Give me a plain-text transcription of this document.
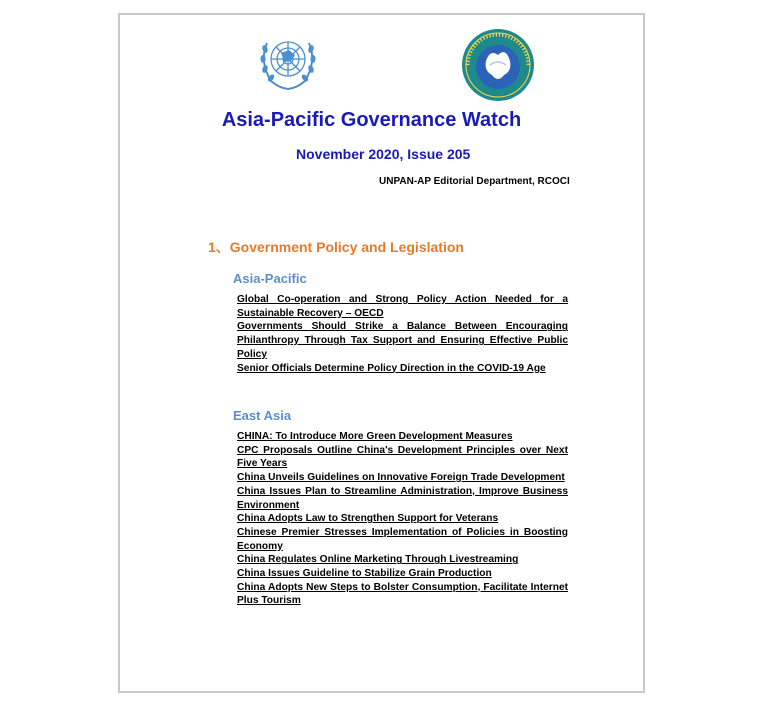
Asia-Pacific Governance Watch
November 2020, Issue 205
UNPAN-AP Editorial Department, RCOCI
1、Government Policy and Legislation
Asia-Pacific
Global Co-operation and Strong Policy Action Needed for a Sustainable Recovery – OECD
Governments Should Strike a Balance Between Encouraging Philanthropy Through Tax Support and Ensuring Effective Public Policy
Senior Officials Determine Policy Direction in the COVID-19 Age
East Asia
CHINA: To Introduce More Green Development Measures
CPC Proposals Outline China's Development Principles over Next Five Years
China Unveils Guidelines on Innovative Foreign Trade Development
China Issues Plan to Streamline Administration, Improve Business Environment
China Adopts Law to Strengthen Support for Veterans
Chinese Premier Stresses Implementation of Policies in Boosting Economy
China Regulates Online Marketing Through Livestreaming
China Issues Guideline to Stabilize Grain Production
China Adopts New Steps to Bolster Consumption, Facilitate Internet Plus Tourism
